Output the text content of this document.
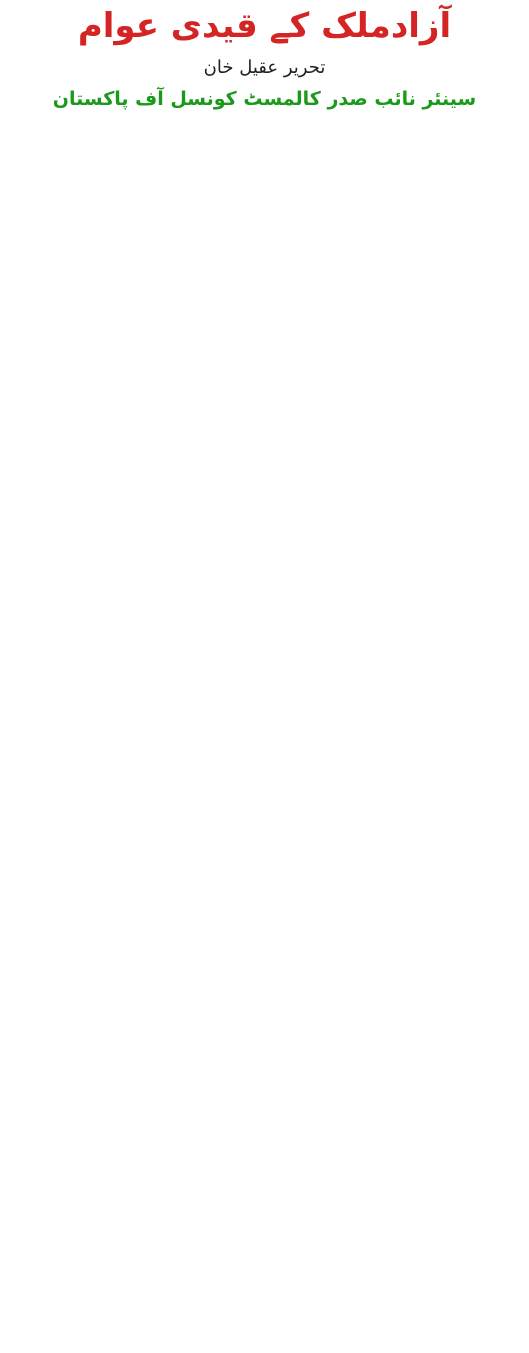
آزادملک کے قیدی عوام
تحریر عقیل خان
سینئر نائب صدر کالمسٹ کونسل آف پاکستان
